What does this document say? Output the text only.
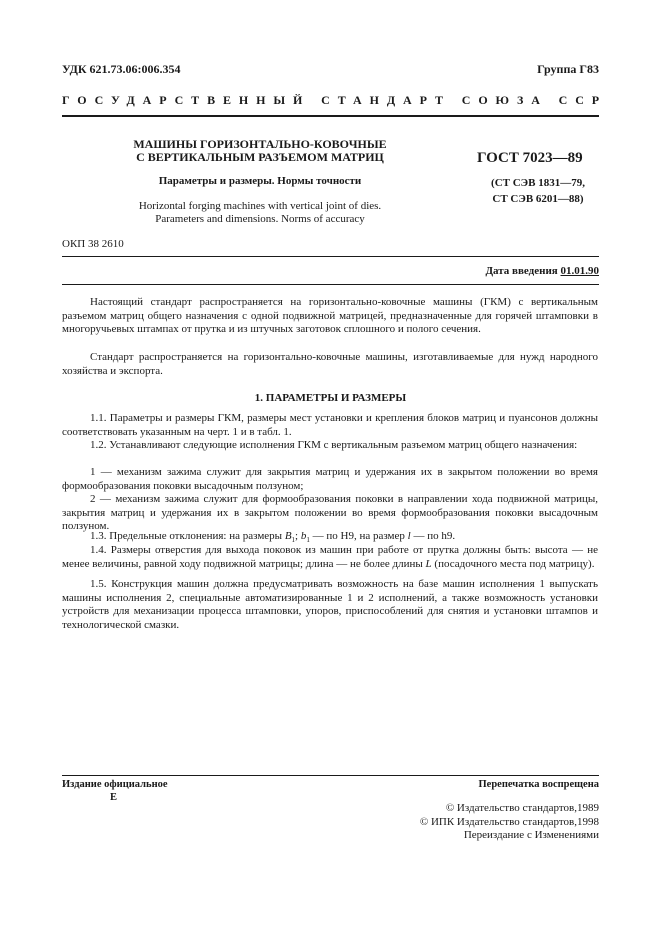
УДК 621.73.06:006.354	Группа Г83
ГОСУДАРСТВЕННЫЙ СТАНДАРТ СОЮЗА ССР
МАШИНЫ ГОРИЗОНТАЛЬНО-КОВОЧНЫЕ
С ВЕРТИКАЛЬНЫМ РАЗЪЕМОМ МАТРИЦ
Параметры и размеры. Нормы точности
Horizontal forging machines with vertical joint of dies.
Parameters and dimensions. Norms of accuracy
ГОСТ 7023—89
(СТ СЭВ 1831—79,
СТ СЭВ 6201—88)
ОКП 38 2610
Дата введения 01.01.90
Настоящий стандарт распространяется на горизонтально-ковочные машины (ГКМ) с вертикальным разъемом матриц общего назначения с одной подвижной матрицей, предназначенные для горячей штамповки в многоручьевых штампах от прутка и из штучных заготовок сплошного и полого сечения.
Стандарт распространяется на горизонтально-ковочные машины, изготавливаемые для нужд народного хозяйства и экспорта.
1. ПАРАМЕТРЫ И РАЗМЕРЫ
1.1. Параметры и размеры ГКМ, размеры мест установки и крепления блоков матриц и пуансонов должны соответствовать указанным на черт. 1 и в табл. 1.
1.2. Устанавливают следующие исполнения ГКМ с вертикальным разъемом матриц общего назначения:
1 — механизм зажима служит для закрытия матриц и удержания их в закрытом положении во время формообразования поковки высадочным ползуном;
2 — механизм зажима служит для формообразования поковки в направлении хода подвижной матрицы, закрытия матриц и удержания их в закрытом положении во время формообразования поковки высадочным ползуном.
1.3. Предельные отклонения: на размеры $B_1$; $b_1$ — по H9, на размер l — по h9.
1.4. Размеры отверстия для выхода поковок из машин при работе от прутка должны быть: высота — не менее величины, равной ходу подвижной матрицы; длина — не более длины L (посадочного места под матрицу).
1.5. Конструкция машин должна предусматривать возможность на базе машин исполнения 1 выпускать машины исполнения 2, специальные автоматизированные 1 и 2 исполнений, а также возможность установки устройств для механизации процесса штамповки, упоров, приспособлений для снятия и установки штампов и технологической смазки.
Издание официальное
Е
Перепечатка воспрещена
© Издательство стандартов,1989
© ИПК Издательство стандартов,1998
Переиздание с Изменениями
